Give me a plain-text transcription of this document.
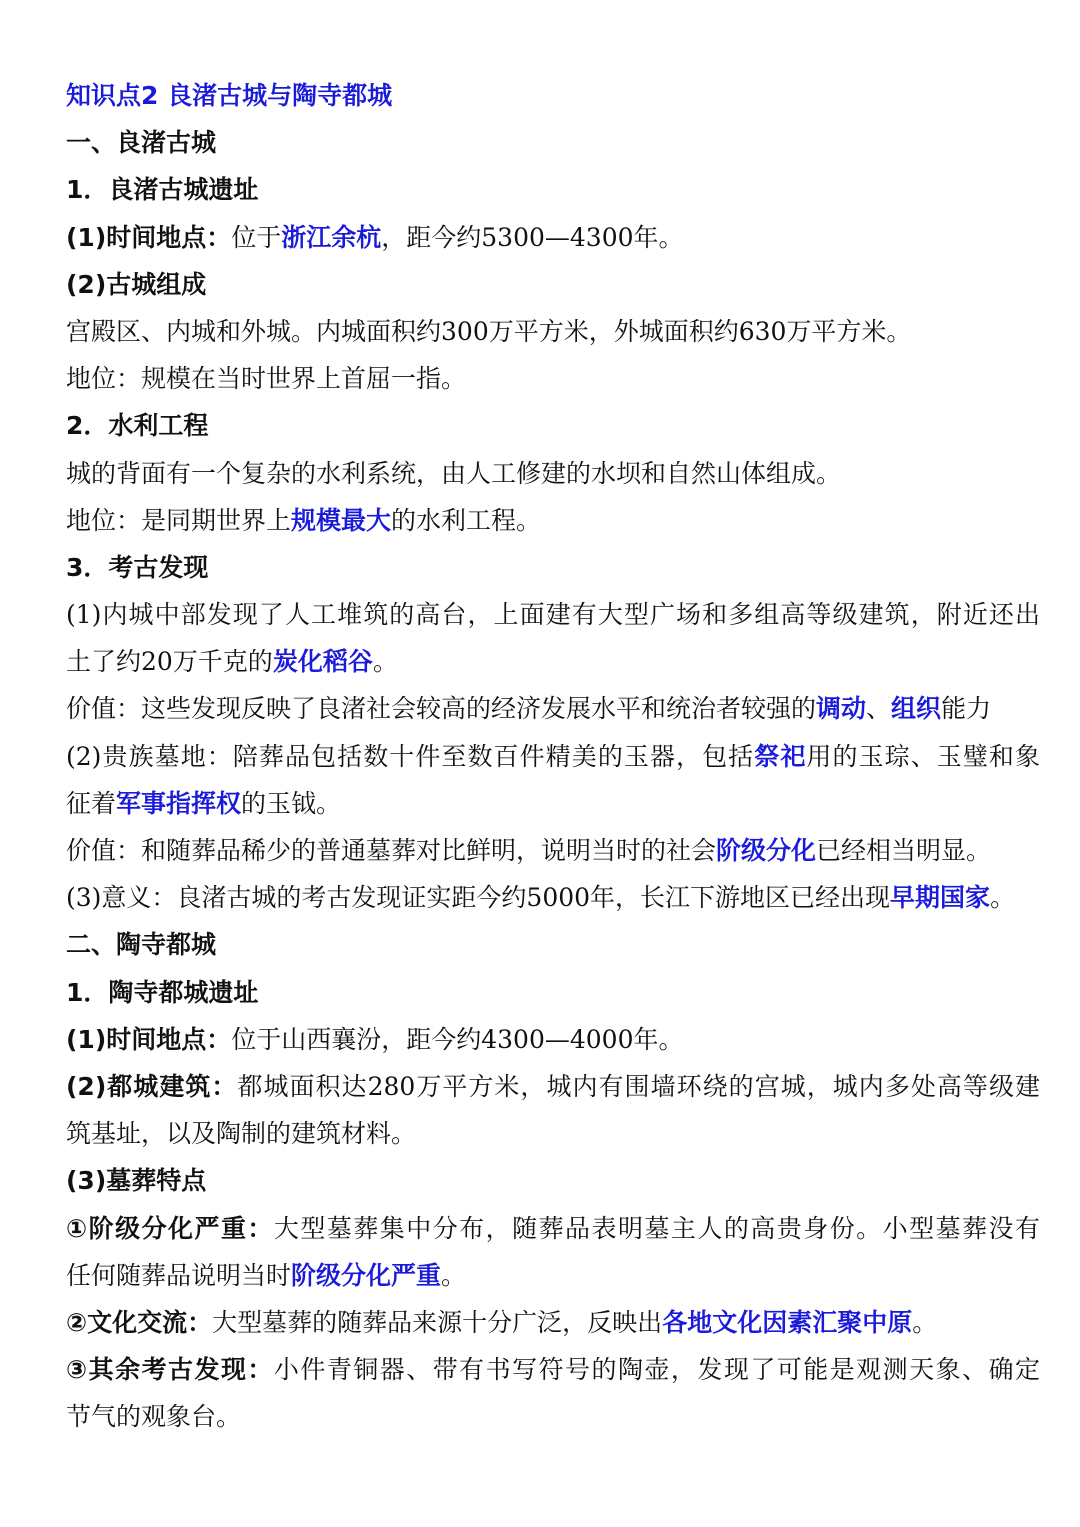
知识点2 良渚古城与陶寺都城
一、良渚古城
1．良渚古城遗址
(1)时间地点：位于浙江余杭，距今约5300—4300年。
(2)古城组成
宫殿区、内城和外城。内城面积约300万平方米，外城面积约630万平方米。
地位：规模在当时世界上首屈一指。
2．水利工程
城的背面有一个复杂的水利系统，由人工修建的水坝和自然山体组成。
地位：是同期世界上规模最大的水利工程。
3．考古发现
(1)内城中部发现了人工堆筑的高台，上面建有大型广场和多组高等级建筑，附近还出
土了约20万千克的炭化稻谷。
价值：这些发现反映了良渚社会较高的经济发展水平和统治者较强的调动、组织能力
(2)贵族墓地：陪葬品包括数十件至数百件精美的玉器，包括祭祀用的玉琮、玉璧和象
征着军事指挥权的玉钺。
价值：和随葬品稀少的普通墓葬对比鲜明，说明当时的社会阶级分化已经相当明显。
(3)意义：良渚古城的考古发现证实距今约5000年，长江下游地区已经出现早期国家。
二、陶寺都城
1．陶寺都城遗址
(1)时间地点：位于山西襄汾，距今约4300—4000年。
(2)都城建筑：都城面积达280万平方米，城内有围墙环绕的宫城，城内多处高等级建
筑基址，以及陶制的建筑材料。
(3)墓葬特点
①阶级分化严重：大型墓葬集中分布，随葬品表明墓主人的高贵身份。小型墓葬没有
任何随葬品说明当时阶级分化严重。
②文化交流：大型墓葬的随葬品来源十分广泛，反映出各地文化因素汇聚中原。
③其余考古发现：小件青铜器、带有书写符号的陶壶，发现了可能是观测天象、确定
节气的观象台。
